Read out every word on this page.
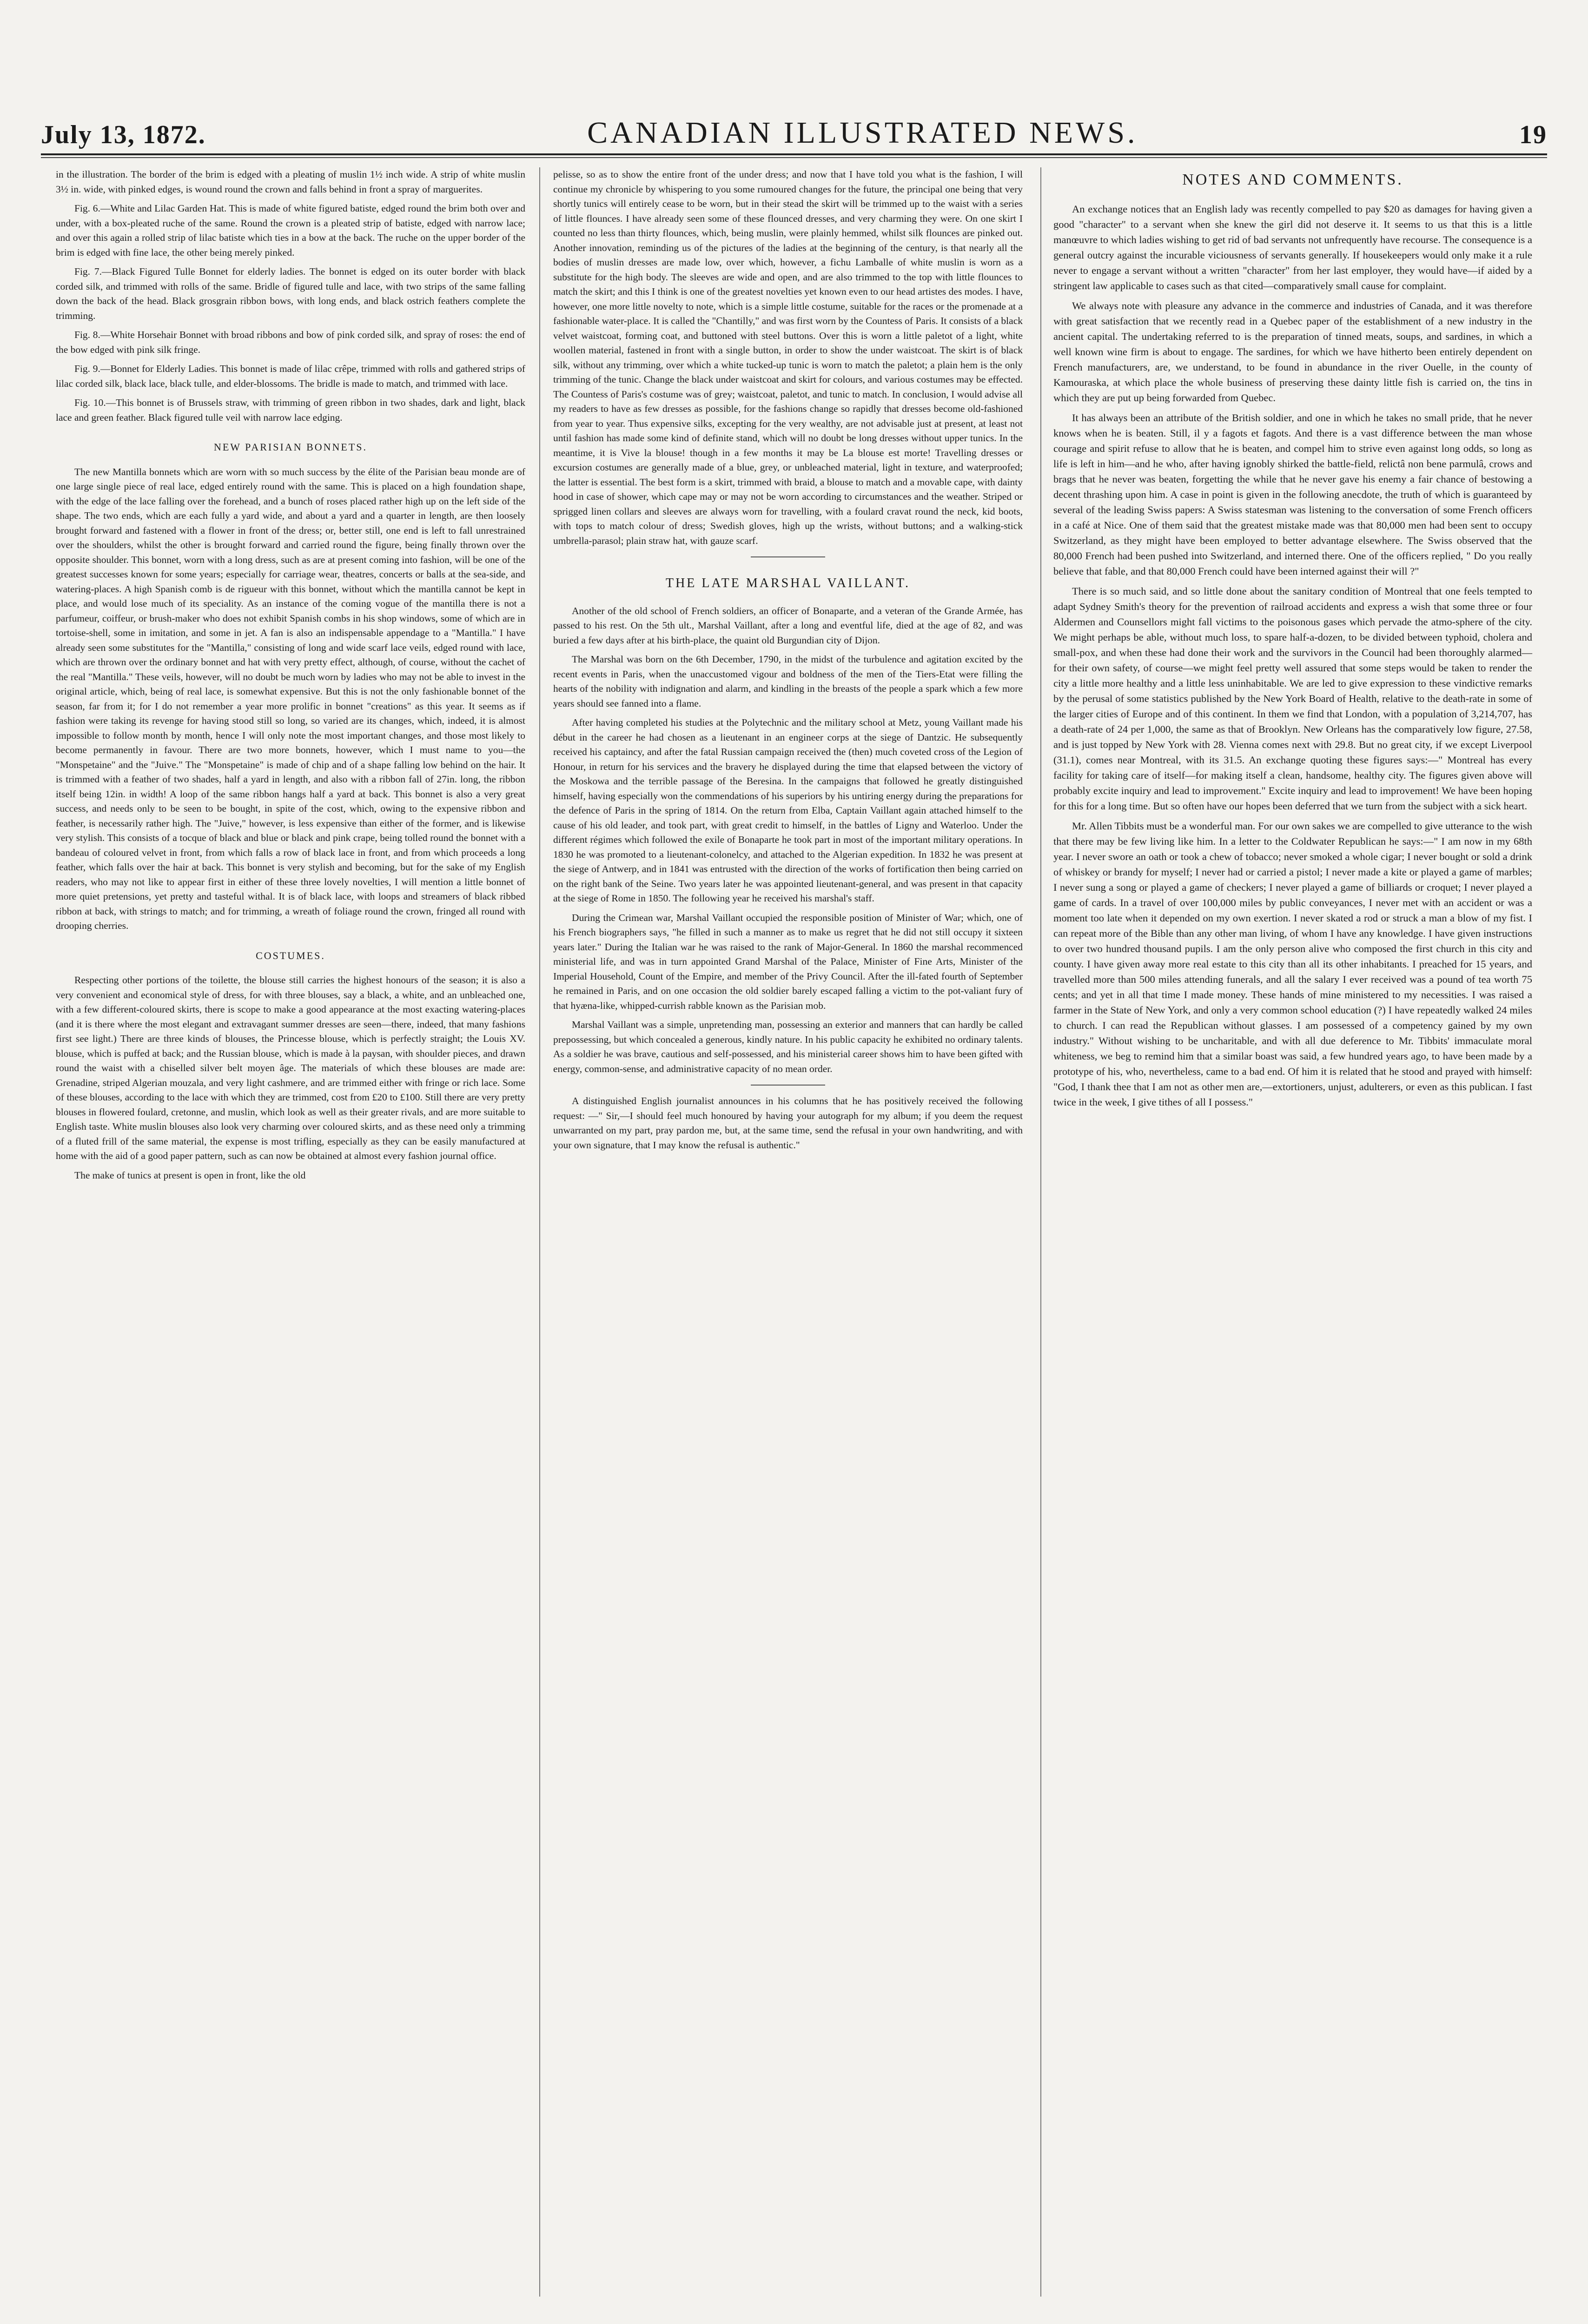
July 13, 1872.	CANADIAN ILLUSTRATED NEWS.	19

in the illustration. The border of the brim is edged with a pleating of muslin 1½ inch wide. A strip of white muslin 3½ in. wide, with pinked edges, is wound round the crown and falls behind in front a spray of marguerites.

Fig. 6.—White and Lilac Garden Hat. This is made of white figured batiste, edged round the brim both over and under, with a box-pleated ruche of the same. Round the crown is a pleated strip of batiste, edged with narrow lace; and over this again a rolled strip of lilac batiste which ties in a bow at the back. The ruche on the upper border of the brim is edged with fine lace, the other being merely pinked.

Fig. 7.—Black Figured Tulle Bonnet for elderly ladies. The bonnet is edged on its outer border with black corded silk, and trimmed with rolls of the same. Bridle of figured tulle and lace, with two strips of the same falling down the back of the head. Black grosgrain ribbon bows, with long ends, and black ostrich feathers complete the trimming.

Fig. 8.—White Horsehair Bonnet with broad ribbons and bow of pink corded silk, and spray of roses: the end of the bow edged with pink silk fringe.

Fig. 9.—Bonnet for Elderly Ladies. This bonnet is made of lilac crêpe, trimmed with rolls and gathered strips of lilac corded silk, black lace, black tulle, and elder-blossoms. The bridle is made to match, and trimmed with lace.

Fig. 10.—This bonnet is of Brussels straw, with trimming of green ribbon in two shades, dark and light, black lace and green feather. Black figured tulle veil with narrow lace edging.

NEW PARISIAN BONNETS.

The new Mantilla bonnets which are worn with so much success by the élite of the Parisian beau monde are of one large single piece of real lace, edged entirely round with the same. This is placed on a high foundation shape, with the edge of the lace falling over the forehead, and a bunch of roses placed rather high up on the left side of the shape. The two ends, which are each fully a yard wide, and about a yard and a quarter in length, are then loosely brought forward and fastened with a flower in front of the dress; or, better still, one end is left to fall unrestrained over the shoulders, whilst the other is brought forward and carried round the figure, being finally thrown over the opposite shoulder. This bonnet, worn with a long dress, such as are at present coming into fashion, will be one of the greatest successes known for some years; especially for carriage wear, theatres, concerts or balls at the sea-side, and watering-places. A high Spanish comb is de rigueur with this bonnet, without which the mantilla cannot be kept in place, and would lose much of its speciality. As an instance of the coming vogue of the mantilla there is not a parfumeur, coiffeur, or brush-maker who does not exhibit Spanish combs in his shop windows, some of which are in tortoise-shell, some in imitation, and some in jet. A fan is also an indispensable appendage to a "Mantilla." I have already seen some substitutes for the "Mantilla," consisting of long and wide scarf lace veils, edged round with lace, which are thrown over the ordinary bonnet and hat with very pretty effect, although, of course, without the cachet of the real "Mantilla." These veils, however, will no doubt be much worn by ladies who may not be able to invest in the original article, which, being of real lace, is somewhat expensive. But this is not the only fashionable bonnet of the season, far from it; for I do not remember a year more prolific in bonnet "creations" as this year. It seems as if fashion were taking its revenge for having stood still so long, so varied are its changes, which, indeed, it is almost impossible to follow month by month, hence I will only note the most important changes, and those most likely to become permanently in favour. There are two more bonnets, however, which I must name to you—the "Monspetaine" and the "Juive." The "Monspetaine" is made of chip and of a shape falling low behind on the hair. It is trimmed with a feather of two shades, half a yard in length, and also with a ribbon fall of 27in. long, the ribbon itself being 12in. in width! A loop of the same ribbon hangs half a yard at back. This bonnet is also a very great success, and needs only to be seen to be bought, in spite of the cost, which, owing to the expensive ribbon and feather, is necessarily rather high. The "Juive," however, is less expensive than either of the former, and is likewise very stylish. This consists of a tocque of black and blue or black and pink crape, being tolled round the bonnet with a bandeau of coloured velvet in front, from which falls a row of black lace in front, and from which proceeds a long feather, which falls over the hair at back. This bonnet is very stylish and becoming, but for the sake of my English readers, who may not like to appear first in either of these three lovely novelties, I will mention a little bonnet of more quiet pretensions, yet pretty and tasteful withal. It is of black lace, with loops and streamers of black ribbed ribbon at back, with strings to match; and for trimming, a wreath of foliage round the crown, fringed all round with drooping cherries.

COSTUMES.

Respecting other portions of the toilette, the blouse still carries the highest honours of the season; it is also a very convenient and economical style of dress, for with three blouses, say a black, a white, and an unbleached one, with a few different-coloured skirts, there is scope to make a good appearance at the most exacting watering-places (and it is there where the most elegant and extravagant summer dresses are seen—there, indeed, that many fashions first see light.) There are three kinds of blouses, the Princesse blouse, which is perfectly straight; the Louis XV. blouse, which is puffed at back; and the Russian blouse, which is made à la paysan, with shoulder pieces, and drawn round the waist with a chiselled silver belt moyen âge. The materials of which these blouses are made are: Grenadine, striped Algerian mouzala, and very light cashmere, and are trimmed either with fringe or rich lace. Some of these blouses, according to the lace with which they are trimmed, cost from £20 to £100. Still there are very pretty blouses in flowered foulard, cretonne, and muslin, which look as well as their greater rivals, and are more suitable to English taste. White muslin blouses also look very charming over coloured skirts, and as these need only a trimming of a fluted frill of the same material, the expense is most trifling, especially as they can be easily manufactured at home with the aid of a good paper pattern, such as can now be obtained at almost every fashion journal office.

The make of tunics at present is open in front, like the old

pelisse, so as to show the entire front of the under dress; and now that I have told you what is the fashion, I will continue my chronicle by whispering to you some rumoured changes for the future, the principal one being that very shortly tunics will entirely cease to be worn, but in their stead the skirt will be trimmed up to the waist with a series of little flounces. I have already seen some of these flounced dresses, and very charming they were. On one skirt I counted no less than thirty flounces, which, being muslin, were plainly hemmed, whilst silk flounces are pinked out. Another innovation, reminding us of the pictures of the ladies at the beginning of the century, is that nearly all the bodies of muslin dresses are made low, over which, however, a fichu Lamballe of white muslin is worn as a substitute for the high body. The sleeves are wide and open, and are also trimmed to the top with little flounces to match the skirt; and this I think is one of the greatest novelties yet known even to our head artistes des modes. I have, however, one more little novelty to note, which is a simple little costume, suitable for the races or the promenade at a fashionable water-place. It is called the "Chantilly," and was first worn by the Countess of Paris. It consists of a black velvet waistcoat, forming coat, and buttoned with steel buttons. Over this is worn a little paletot of a light, white woollen material, fastened in front with a single button, in order to show the under waistcoat. The skirt is of black silk, without any trimming, over which a white tucked-up tunic is worn to match the paletot; a plain hem is the only trimming of the tunic. Change the black under waistcoat and skirt for colours, and various costumes may be effected. The Countess of Paris's costume was of grey; waistcoat, paletot, and tunic to match. In conclusion, I would advise all my readers to have as few dresses as possible, for the fashions change so rapidly that dresses become old-fashioned from year to year. Thus expensive silks, excepting for the very wealthy, are not advisable just at present, at least not until fashion has made some kind of definite stand, which will no doubt be long dresses without upper tunics. In the meantime, it is Vive la blouse! though in a few months it may be La blouse est morte! Travelling dresses or excursion costumes are generally made of a blue, grey, or unbleached material, light in texture, and waterproofed; the latter is essential. The best form is a skirt, trimmed with braid, a blouse to match and a movable cape, with dainty hood in case of shower, which cape may or may not be worn according to circumstances and the weather. Striped or sprigged linen collars and sleeves are always worn for travelling, with a foulard cravat round the neck, kid boots, with tops to match colour of dress; Swedish gloves, high up the wrists, without buttons; and a walking-stick umbrella-parasol; plain straw hat, with gauze scarf.

THE LATE MARSHAL VAILLANT.

Another of the old school of French soldiers, an officer of Bonaparte, and a veteran of the Grande Armée, has passed to his rest. On the 5th ult., Marshal Vaillant, after a long and eventful life, died at the age of 82, and was buried a few days after at his birth-place, the quaint old Burgundian city of Dijon.

The Marshal was born on the 6th December, 1790, in the midst of the turbulence and agitation excited by the recent events in Paris, when the unaccustomed vigour and boldness of the men of the Tiers-Etat were filling the hearts of the nobility with indignation and alarm, and kindling in the breasts of the people a spark which a few more years should see fanned into a flame.

After having completed his studies at the Polytechnic and the military school at Metz, young Vaillant made his début in the career he had chosen as a lieutenant in an engineer corps at the siege of Dantzic. He subsequently received his captaincy, and after the fatal Russian campaign received the (then) much coveted cross of the Legion of Honour, in return for his services and the bravery he displayed during the time that elapsed between the victory of the Moskowa and the terrible passage of the Beresina. In the campaigns that followed he greatly distinguished himself, having especially won the commendations of his superiors by his untiring energy during the preparations for the defence of Paris in the spring of 1814. On the return from Elba, Captain Vaillant again attached himself to the cause of his old leader, and took part, with great credit to himself, in the battles of Ligny and Waterloo. Under the different régimes which followed the exile of Bonaparte he took part in most of the important military operations. In 1830 he was promoted to a lieutenant-colonelcy, and attached to the Algerian expedition. In 1832 he was present at the siege of Antwerp, and in 1841 was entrusted with the direction of the works of fortification then being carried on on the right bank of the Seine. Two years later he was appointed lieutenant-general, and was present in that capacity at the siege of Rome in 1850. The following year he received his marshal's staff.

During the Crimean war, Marshal Vaillant occupied the responsible position of Minister of War; which, one of his French biographers says, "he filled in such a manner as to make us regret that he did not still occupy it sixteen years later." During the Italian war he was raised to the rank of Major-General. In 1860 the marshal recommenced ministerial life, and was in turn appointed Grand Marshal of the Palace, Minister of Fine Arts, Minister of the Imperial Household, Count of the Empire, and member of the Privy Council. After the ill-fated fourth of September he remained in Paris, and on one occasion the old soldier barely escaped falling a victim to the pot-valiant fury of that hyæna-like, whipped-currish rabble known as the Parisian mob.

Marshal Vaillant was a simple, unpretending man, possessing an exterior and manners that can hardly be called prepossessing, but which concealed a generous, kindly nature. In his public capacity he exhibited no ordinary talents. As a soldier he was brave, cautious and self-possessed, and his ministerial career shows him to have been gifted with energy, common-sense, and administrative capacity of no mean order.

A distinguished English journalist announces in his columns that he has positively received the following request: —" Sir,—I should feel much honoured by having your autograph for my album; if you deem the request unwarranted on my part, pray pardon me, but, at the same time, send the refusal in your own handwriting, and with your own signature, that I may know the refusal is authentic."

NOTES AND COMMENTS.

An exchange notices that an English lady was recently compelled to pay $20 as damages for having given a good "character" to a servant when she knew the girl did not deserve it. It seems to us that this is a little manœuvre to which ladies wishing to get rid of bad servants not unfrequently have recourse. The consequence is a general outcry against the incurable viciousness of servants generally. If housekeepers would only make it a rule never to engage a servant without a written "character" from her last employer, they would have—if aided by a stringent law applicable to cases such as that cited—comparatively small cause for complaint.

We always note with pleasure any advance in the commerce and industries of Canada, and it was therefore with great satisfaction that we recently read in a Quebec paper of the establishment of a new industry in the ancient capital. The undertaking referred to is the preparation of tinned meats, soups, and sardines, in which a well known wine firm is about to engage. The sardines, for which we have hitherto been entirely dependent on French manufacturers, are, we understand, to be found in abundance in the river Ouelle, in the county of Kamouraska, at which place the whole business of preserving these dainty little fish is carried on, the tins in which they are put up being forwarded from Quebec.

It has always been an attribute of the British soldier, and one in which he takes no small pride, that he never knows when he is beaten. Still, il y a fagots et fagots. And there is a vast difference between the man whose courage and spirit refuse to allow that he is beaten, and compel him to strive even against long odds, so long as life is left in him—and he who, after having ignobly shirked the battle-field, relictâ non bene parmulâ, crows and brags that he never was beaten, forgetting the while that he never gave his enemy a fair chance of bestowing a decent thrashing upon him. A case in point is given in the following anecdote, the truth of which is guaranteed by several of the leading Swiss papers: A Swiss statesman was listening to the conversation of some French officers in a café at Nice. One of them said that the greatest mistake made was that 80,000 men had been sent to occupy Switzerland, as they might have been employed to better advantage elsewhere. The Swiss observed that the 80,000 French had been pushed into Switzerland, and interned there. One of the officers replied, " Do you really believe that fable, and that 80,000 French could have been interned against their will ?"

There is so much said, and so little done about the sanitary condition of Montreal that one feels tempted to adapt Sydney Smith's theory for the prevention of railroad accidents and express a wish that some three or four Aldermen and Counsellors might fall victims to the poisonous gases which pervade the atmo-sphere of the city. We might perhaps be able, without much loss, to spare half-a-dozen, to be divided between typhoid, cholera and small-pox, and when these had done their work and the survivors in the Council had been thoroughly alarmed—for their own safety, of course—we might feel pretty well assured that some steps would be taken to render the city a little more healthy and a little less uninhabitable. We are led to give expression to these vindictive remarks by the perusal of some statistics published by the New York Board of Health, relative to the death-rate in some of the larger cities of Europe and of this continent. In them we find that London, with a population of 3,214,707, has a death-rate of 24 per 1,000, the same as that of Brooklyn. New Orleans has the comparatively low figure, 27.58, and is just topped by New York with 28. Vienna comes next with 29.8. But no great city, if we except Liverpool (31.1), comes near Montreal, with its 31.5. An exchange quoting these figures says:—" Montreal has every facility for taking care of itself—for making itself a clean, handsome, healthy city. The figures given above will probably excite inquiry and lead to improvement." Excite inquiry and lead to improvement! We have been hoping for this for a long time. But so often have our hopes been deferred that we turn from the subject with a sick heart.

Mr. Allen Tibbits must be a wonderful man. For our own sakes we are compelled to give utterance to the wish that there may be few living like him. In a letter to the Coldwater Republican he says:—" I am now in my 68th year. I never swore an oath or took a chew of tobacco; never smoked a whole cigar; I never bought or sold a drink of whiskey or brandy for myself; I never had or carried a pistol; I never made a kite or played a game of marbles; I never sung a song or played a game of checkers; I never played a game of billiards or croquet; I never played a game of cards. In a travel of over 100,000 miles by public conveyances, I never met with an accident or was a moment too late when it depended on my own exertion. I never skated a rod or struck a man a blow of my fist. I can repeat more of the Bible than any other man living, of whom I have any knowledge. I have given instructions to over two hundred thousand pupils. I am the only person alive who composed the first church in this city and county. I have given away more real estate to this city than all its other inhabitants. I preached for 15 years, and travelled more than 500 miles attending funerals, and all the salary I ever received was a pound of tea worth 75 cents; and yet in all that time I made money. These hands of mine ministered to my necessities. I was raised a farmer in the State of New York, and only a very common school education (?) I have repeatedly walked 24 miles to church. I can read the Republican without glasses. I am possessed of a competency gained by my own industry." Without wishing to be uncharitable, and with all due deference to Mr. Tibbits' immaculate moral whiteness, we beg to remind him that a similar boast was said, a few hundred years ago, to have been made by a prototype of his, who, nevertheless, came to a bad end. Of him it is related that he stood and prayed with himself: "God, I thank thee that I am not as other men are,—extortioners, unjust, adulterers, or even as this publican. I fast twice in the week, I give tithes of all I possess."
